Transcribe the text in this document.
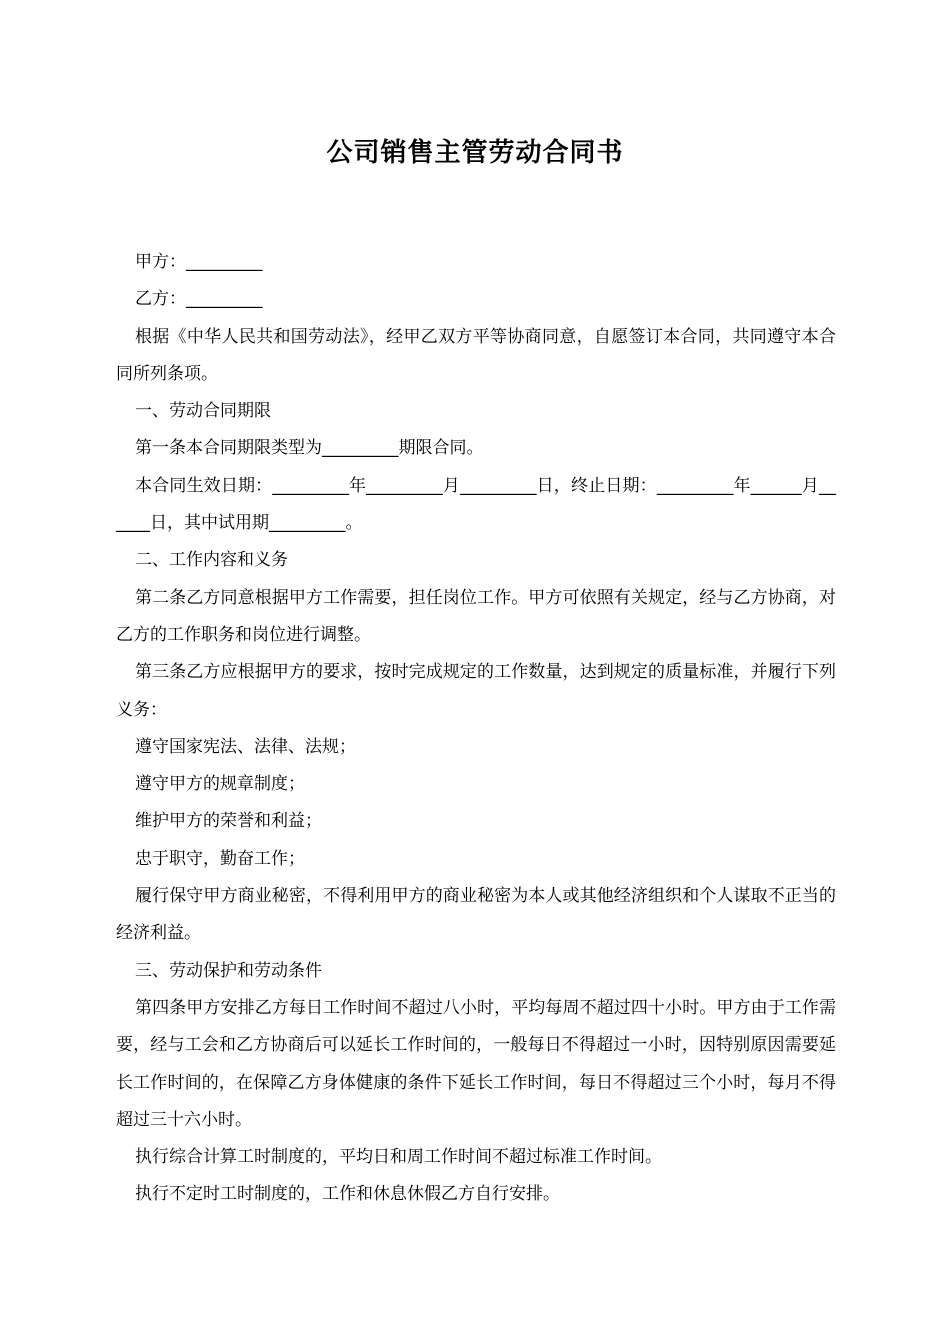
公司销售主管劳动合同书

甲方：_________

乙方：_________

根据《中华人民共和国劳动法》，经甲乙双方平等协商同意，自愿签订本合同，共同遵守本合同所列条项。

一、劳动合同期限

第一条本合同期限类型为_________期限合同。

本合同生效日期：_________年_________月_________日，终止日期：_________年______月______日，其中试用期_________。

二、工作内容和义务

第二条乙方同意根据甲方工作需要，担任岗位工作。甲方可依照有关规定，经与乙方协商，对乙方的工作职务和岗位进行调整。

第三条乙方应根据甲方的要求，按时完成规定的工作数量，达到规定的质量标准，并履行下列义务：

遵守国家宪法、法律、法规；

遵守甲方的规章制度；

维护甲方的荣誉和利益；

忠于职守，勤奋工作；

履行保守甲方商业秘密，不得利用甲方的商业秘密为本人或其他经济组织和个人谋取不正当的经济利益。

三、劳动保护和劳动条件

第四条甲方安排乙方每日工作时间不超过八小时，平均每周不超过四十小时。甲方由于工作需要，经与工会和乙方协商后可以延长工作时间的，一般每日不得超过一小时，因特别原因需要延长工作时间的，在保障乙方身体健康的条件下延长工作时间，每日不得超过三个小时，每月不得超过三十六小时。

执行综合计算工时制度的，平均日和周工作时间不超过标准工作时间。

执行不定时工时制度的，工作和休息休假乙方自行安排。
